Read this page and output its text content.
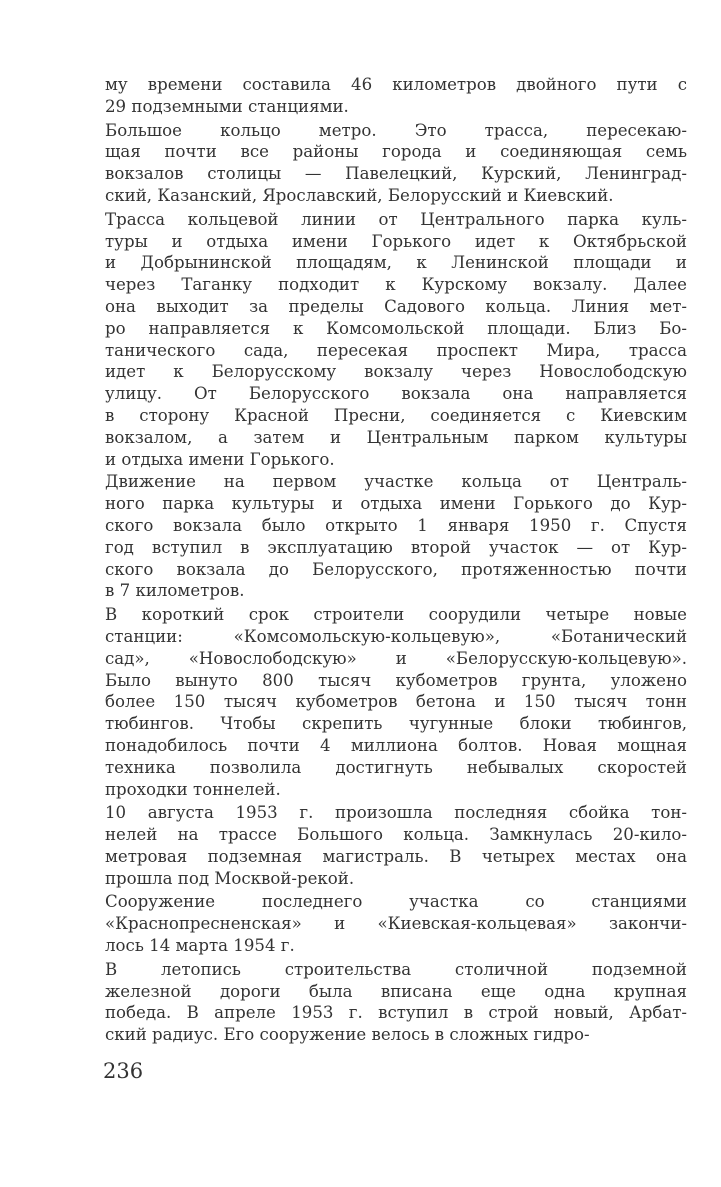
му времени составила 46 километров двойного пути с
29 подземными станциями.
Большое кольцо метро. Это трасса, пересекаю-
щая почти все районы города и соединяющая семь
вокзалов столицы — Павелецкий, Курский, Ленинград-
ский, Казанский, Ярославский, Белорусский и Киевский.
Трасса кольцевой линии от Центрального парка куль-
туры и отдыха имени Горького идет к Октябрьской
и Добрынинской площадям, к Ленинской площади и
через Таганку подходит к Курскому вокзалу. Далее
она выходит за пределы Садового кольца. Линия мет-
ро направляется к Комсомольской площади. Близ Бо-
танического сада, пересекая проспект Мира, трасса
идет к Белорусскому вокзалу через Новослободскую
улицу. От Белорусского вокзала она направляется
в сторону Красной Пресни, соединяется с Киевским
вокзалом, а затем и Центральным парком культуры
и отдыха имени Горького.
Движение на первом участке кольца от Централь-
ного парка культуры и отдыха имени Горького до Кур-
ского вокзала было открыто 1 января 1950 г. Спустя
год вступил в эксплуатацию второй участок — от Кур-
ского вокзала до Белорусского, протяженностью почти
в 7 километров.
В короткий срок строители соорудили четыре новые
станции: «Комсомольскую-кольцевую», «Ботанический
сад», «Новослободскую» и «Белорусскую-кольцевую».
Было вынуто 800 тысяч кубометров грунта, уложено
более 150 тысяч кубометров бетона и 150 тысяч тонн
тюбингов. Чтобы скрепить чугунные блоки тюбингов,
понадобилось почти 4 миллиона болтов. Новая мощная
техника позволила достигнуть небывалых скоростей
проходки тоннелей.
10 августа 1953 г. произошла последняя сбойка тон-
нелей на трассе Большого кольца. Замкнулась 20-кило-
метровая подземная магистраль. В четырех местах она
прошла под Москвой-рекой.
Сооружение последнего участка со станциями
«Краснопресненская» и «Киевская-кольцевая» закончи-
лось 14 марта 1954 г.
В летопись строительства столичной подземной
железной дороги была вписана еще одна крупная
победа. В апреле 1953 г. вступил в строй новый, Арбат-
ский радиус. Его сооружение велось в сложных гидро-
236
